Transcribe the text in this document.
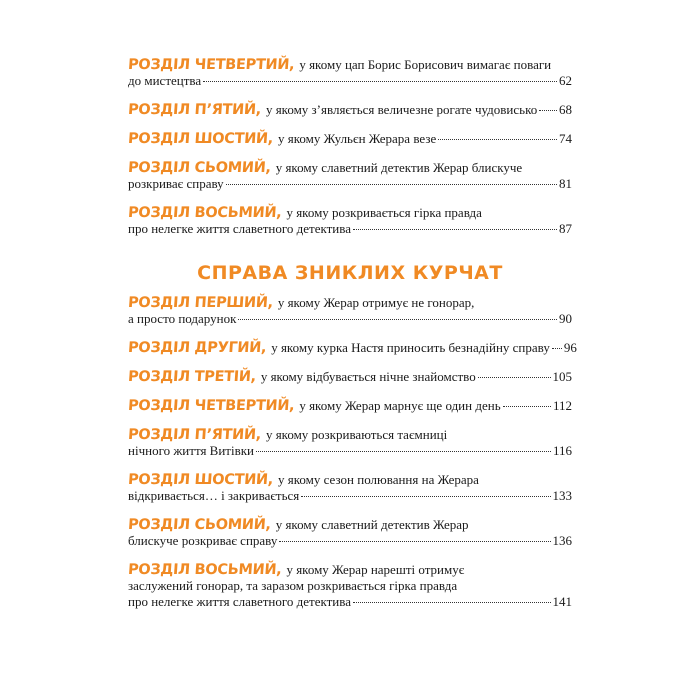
РОЗДІЛ ЧЕТВЕРТИЙ, у якому цап Борис Борисович вимагає поваги
до мистецтва	62
РОЗДІЛ П’ЯТИЙ, у якому з’являється величезне рогате чудовисько 68
РОЗДІЛ ШОСТИЙ, у якому Жульєн Жерара везе	74
РОЗДІЛ СЬОМИЙ, у якому славетний детектив Жерар блискуче
розкриває справу	81
РОЗДІЛ ВОСЬМИЙ, у якому розкривається гірка правда
про нелегке життя славетного детектива	87
СПРАВА ЗНИКЛИХ КУРЧАТ
РОЗДІЛ ПЕРШИЙ, у якому Жерар отримує не гонорар,
а просто подарунок	90
РОЗДІЛ ДРУГИЙ, у якому курка Настя приносить безнадійну справу 96
РОЗДІЛ ТРЕТІЙ, у якому відбувається нічне знайомство	105
РОЗДІЛ ЧЕТВЕРТИЙ, у якому Жерар марнує ще один день	112
РОЗДІЛ П’ЯТИЙ, у якому розкриваються таємниці
нічного життя Витівки	116
РОЗДІЛ ШОСТИЙ, у якому сезон полювання на Жерара
відкривається… і закривається	133
РОЗДІЛ СЬОМИЙ, у якому славетний детектив Жерар
блискуче розкриває справу	136
РОЗДІЛ ВОСЬМИЙ, у якому Жерар нарешті отримує
заслужений гонорар, та заразом розкривається гірка правда
про нелегке життя славетного детектива	141
